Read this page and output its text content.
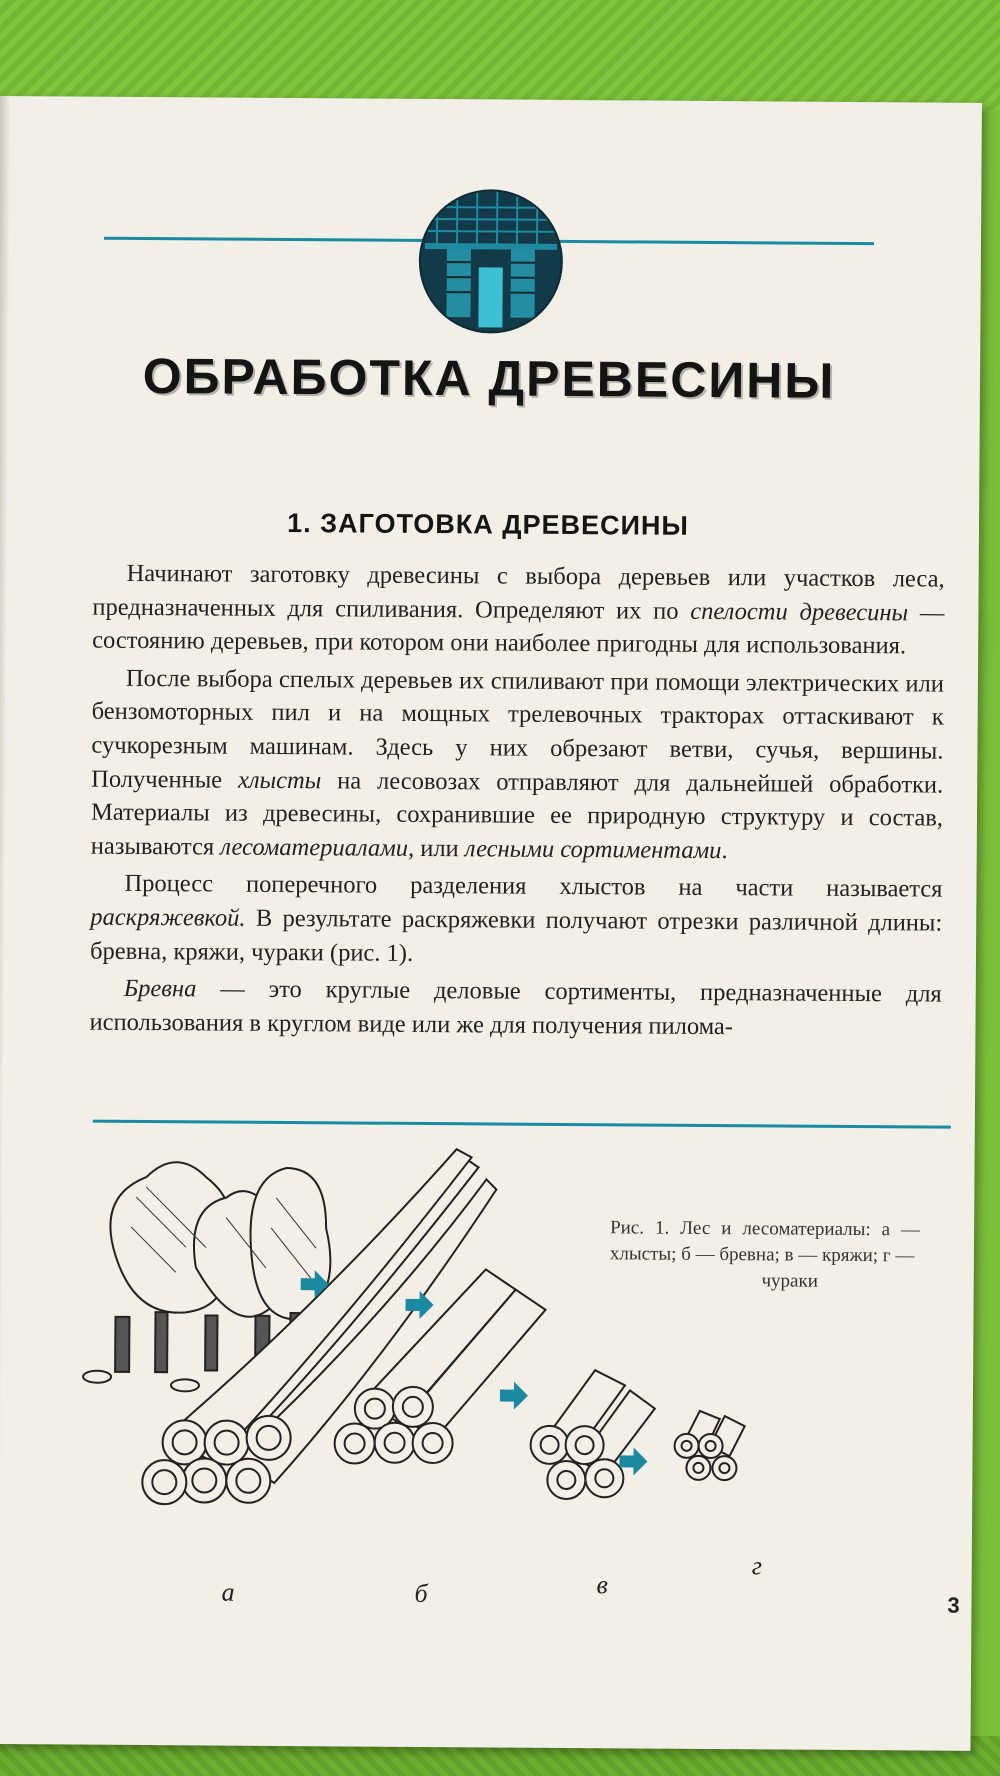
ОБРАБОТКА ДРЕВЕСИНЫ
1. ЗАГОТОВКА ДРЕВЕСИНЫ

Начинают заготовку древесины с выбора деревьев или участков леса, предназначенных для спиливания. Определяют их по спелости древесины — состоянию деревьев, при котором они наиболее пригодны для использования.

После выбора спелых деревьев их спиливают при помощи электрических или бензомоторных пил и на мощных трелевочных тракторах оттаскивают к сучкорезным машинам. Здесь у них обрезают ветви, сучья, вершины. Полученные хлысты на лесовозах отправляют для дальнейшей обработки. Материалы из древесины, сохранившие ее природную структуру и состав, называются лесоматериалами, или лесными сортиментами.

Процесс поперечного разделения хлыстов на части называется раскряжевкой. В результате раскряжевки получают отрезки различной длины: бревна, кряжи, чураки (рис. 1).

Бревна — это круглые деловые сортименты, предназначенные для использования в круглом виде или же для получения пилома-

Рис. 1. Лес и лесоматериалы: а — хлысты; б — бревна; в — кряжи; г —
чураки
а	б	в
г
3
